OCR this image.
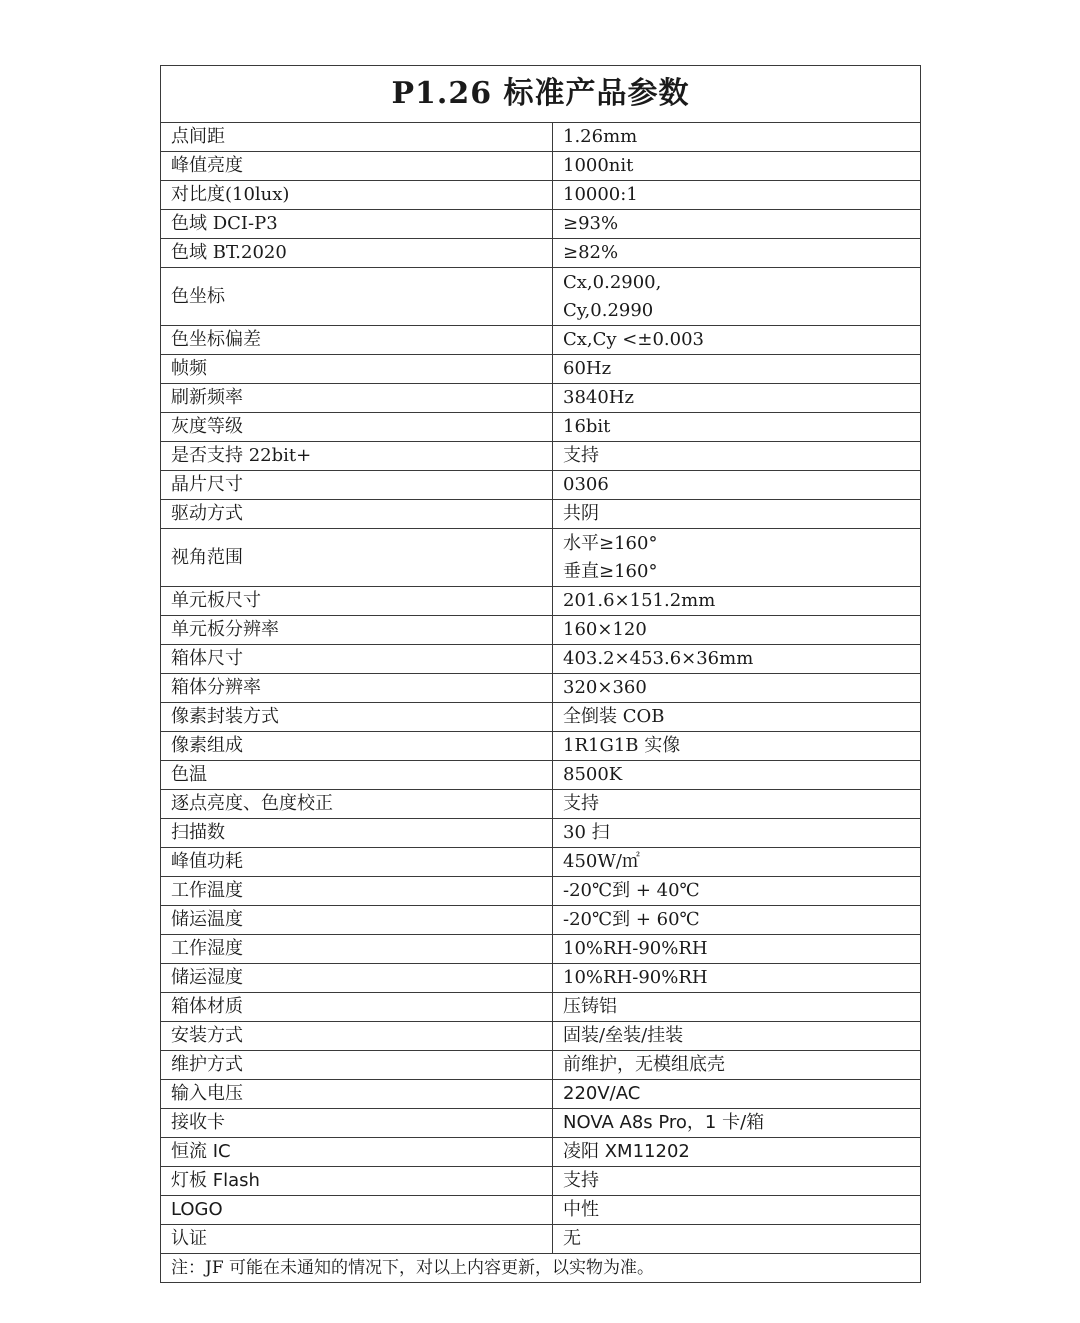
P1.26 标准产品参数	
点间距	1.26mm
峰值亮度	1000nit
对比度(10lux)	10000:1
色域 DCI-P3	≥93%
色域 BT.2020	≥82%
色坐标	Cx,0.2900,
Cy,0.2990

色坐标偏差	Cx,Cy <±0.003
帧频	60Hz
刷新频率	3840Hz
灰度等级	16bit
是否支持 22bit+	支持
晶片尺寸	0306
驱动方式	共阴
视角范围	水平≥160°
垂直≥160°

单元板尺寸	201.6×151.2mm
单元板分辨率	160×120
箱体尺寸	403.2×453.6×36mm
箱体分辨率	320×360
像素封装方式	全倒装 COB
像素组成	1R1G1B 实像
色温	8500K
逐点亮度、色度校正	支持
扫描数	30 扫
峰值功耗	450W/㎡
工作温度	-20℃到 + 40℃
储运温度	-20℃到 + 60℃
工作湿度	10%RH-90%RH
储运湿度	10%RH-90%RH
箱体材质	压铸铝
安装方式	固装/垒装/挂装
维护方式	前维护，无模组底壳
输入电压	220V/AC
接收卡	NOVA A8s Pro，1 卡/箱
恒流 IC	凌阳 XM11202
灯板 Flash	支持
LOGO	中性
认证	无
注：JF 可能在未通知的情况下，对以上内容更新，以实物为准。	
